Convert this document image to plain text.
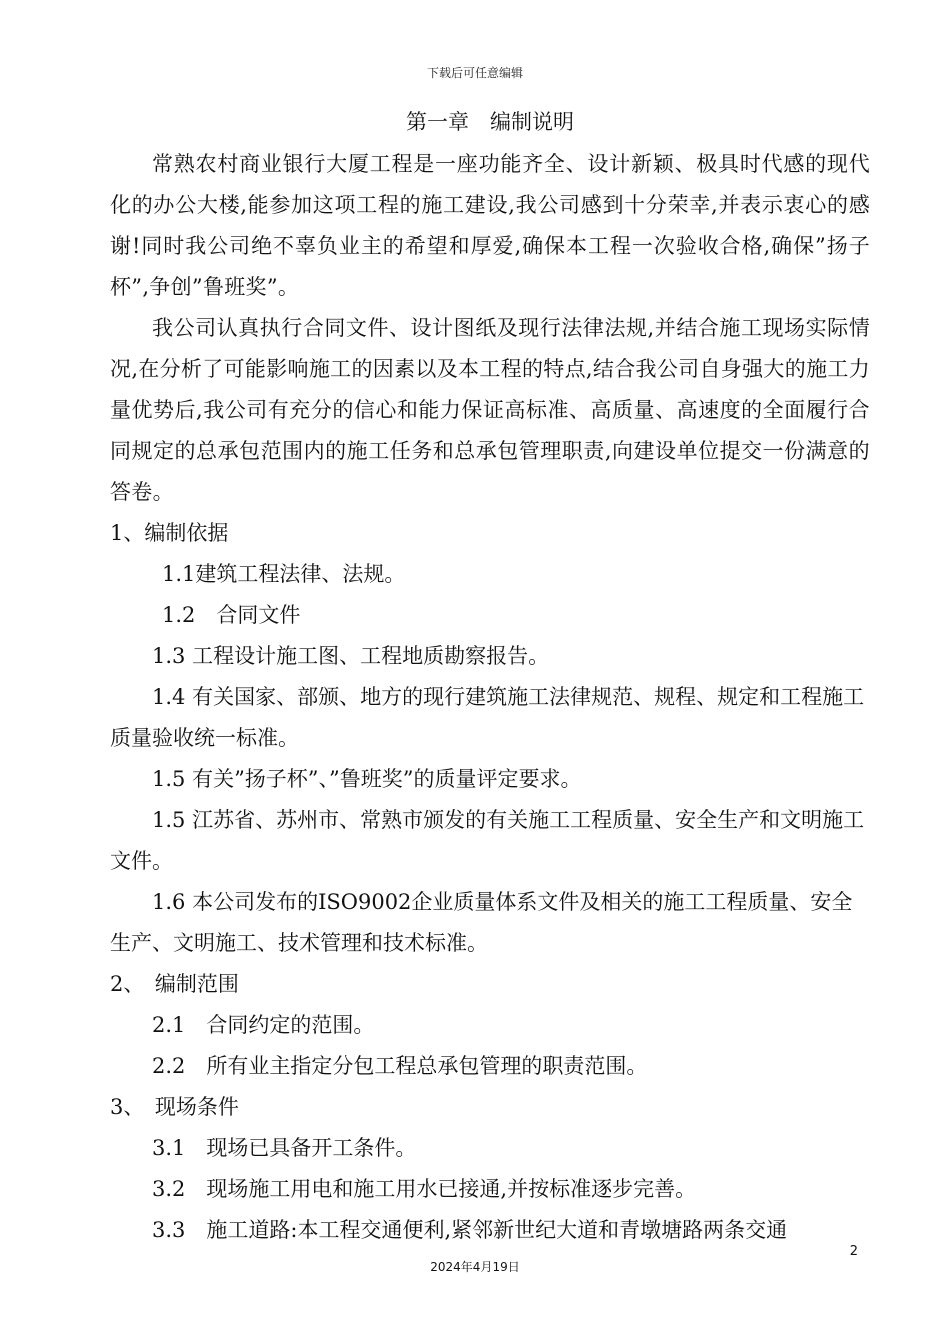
下载后可任意编辑
第一章　编制说明

常熟农村商业银行大厦工程是一座功能齐全、设计新颖、极具时代感的现代化的办公大楼,能参加这项工程的施工建设,我公司感到十分荣幸,并表示衷心的感谢!同时我公司绝不辜负业主的希望和厚爱,确保本工程一次验收合格,确保”扬子杯”,争创”鲁班奖”。

我公司认真执行合同文件、设计图纸及现行法律法规,并结合施工现场实际情况,在分析了可能影响施工的因素以及本工程的特点,结合我公司自身强大的施工力量优势后,我公司有充分的信心和能力保证高标准、高质量、高速度的全面履行合同规定的总承包范围内的施工任务和总承包管理职责,向建设单位提交一份满意的答卷。

1、编制依据

1.1建筑工程法律、法规。

1.2　合同文件

1.3 工程设计施工图、工程地质勘察报告。

1.4 有关国家、部颁、地方的现行建筑施工法律规范、规程、规定和工程施工质量验收统一标准。

1.5 有关”扬子杯”、”鲁班奖”的质量评定要求。

1.5 江苏省、苏州市、常熟市颁发的有关施工工程质量、安全生产和文明施工文件。

1.6 本公司发布的ISO9002企业质量体系文件及相关的施工工程质量、安全生产、文明施工、技术管理和技术标准。

2、　编制范围

2.1　合同约定的范围。

2.2　所有业主指定分包工程总承包管理的职责范围。

3、　现场条件

3.1　现场已具备开工条件。

3.2　现场施工用电和施工用水已接通,并按标准逐步完善。

3.3　施工道路:本工程交通便利,紧邻新世纪大道和青墩塘路两条交通

2
2024年4月19日
